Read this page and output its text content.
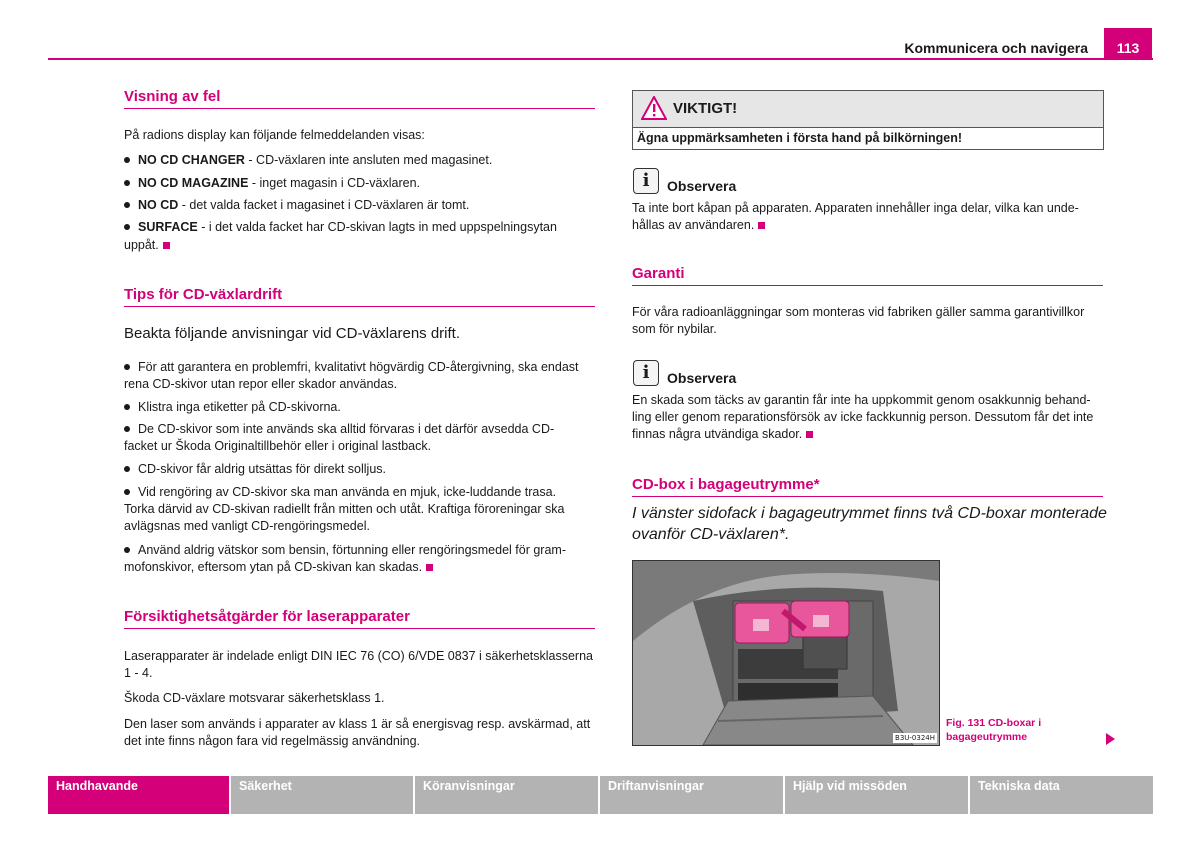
Kommunicera och navigera	113
Visning av fel
På radions display kan följande felmeddelanden visas:
NO CD CHANGER - CD-växlaren inte ansluten med magasinet.
NO CD MAGAZINE - inget magasin i CD-växlaren.
NO CD - det valda facket i magasinet i CD-växlaren är tomt.
SURFACE - i det valda facket har CD-skivan lagts in med uppspelningsytan
uppåt.
Tips för CD-växlardrift
Beakta följande anvisningar vid CD-växlarens drift.
För att garantera en problemfri, kvalitativt högvärdig CD-återgivning, ska endast
rena CD-skivor utan repor eller skador användas.
Klistra inga etiketter på CD-skivorna.
De CD-skivor som inte används ska alltid förvaras i det därför avsedda CD-
facket ur Škoda Originaltillbehör eller i original lastback.
CD-skivor får aldrig utsättas för direkt solljus.
Vid rengöring av CD-skivor ska man använda en mjuk, icke-luddande trasa.
Torka därvid av CD-skivan radiellt från mitten och utåt. Kraftiga föroreningar ska
avlägsnas med vanligt CD-rengöringsmedel.
Använd aldrig vätskor som bensin, förtunning eller rengöringsmedel för gram-
mofonskivor, eftersom ytan på CD-skivan kan skadas.
Försiktighetsåtgärder för laserapparater
Laserapparater är indelade enligt DIN IEC 76 (CO) 6/VDE 0837 i säkerhetsklasserna
1 - 4.
Škoda CD-växlare motsvarar säkerhetsklass 1.
Den laser som används i apparater av klass 1 är så energisvag resp. avskärmad, att
det inte finns någon fara vid regelmässig användning.
VIKTIGT!
Ägna uppmärksamheten i första hand på bilkörningen!
i	Observera
Ta inte bort kåpan på apparaten. Apparaten innehåller inga delar, vilka kan unde-
hållas av användaren.
Garanti
För våra radioanläggningar som monteras vid fabriken gäller samma garantivillkor
som för nybilar.
i	Observera
En skada som täcks av garantin får inte ha uppkommit genom osakkunnig behand-
ling eller genom reparationsförsök av icke fackkunnig person. Dessutom får det inte
finnas några utvändiga skador.
CD-box i bagageutrymme*
I vänster sidofack i bagageutrymmet finns två CD-boxar monterade
ovanför CD-växlaren*.
B3U-0324H
Fig. 131 CD-boxar i
bagageutrymme
Handhavande	Säkerhet	Köranvisningar	Driftanvisningar	Hjälp vid missöden	Tekniska data
